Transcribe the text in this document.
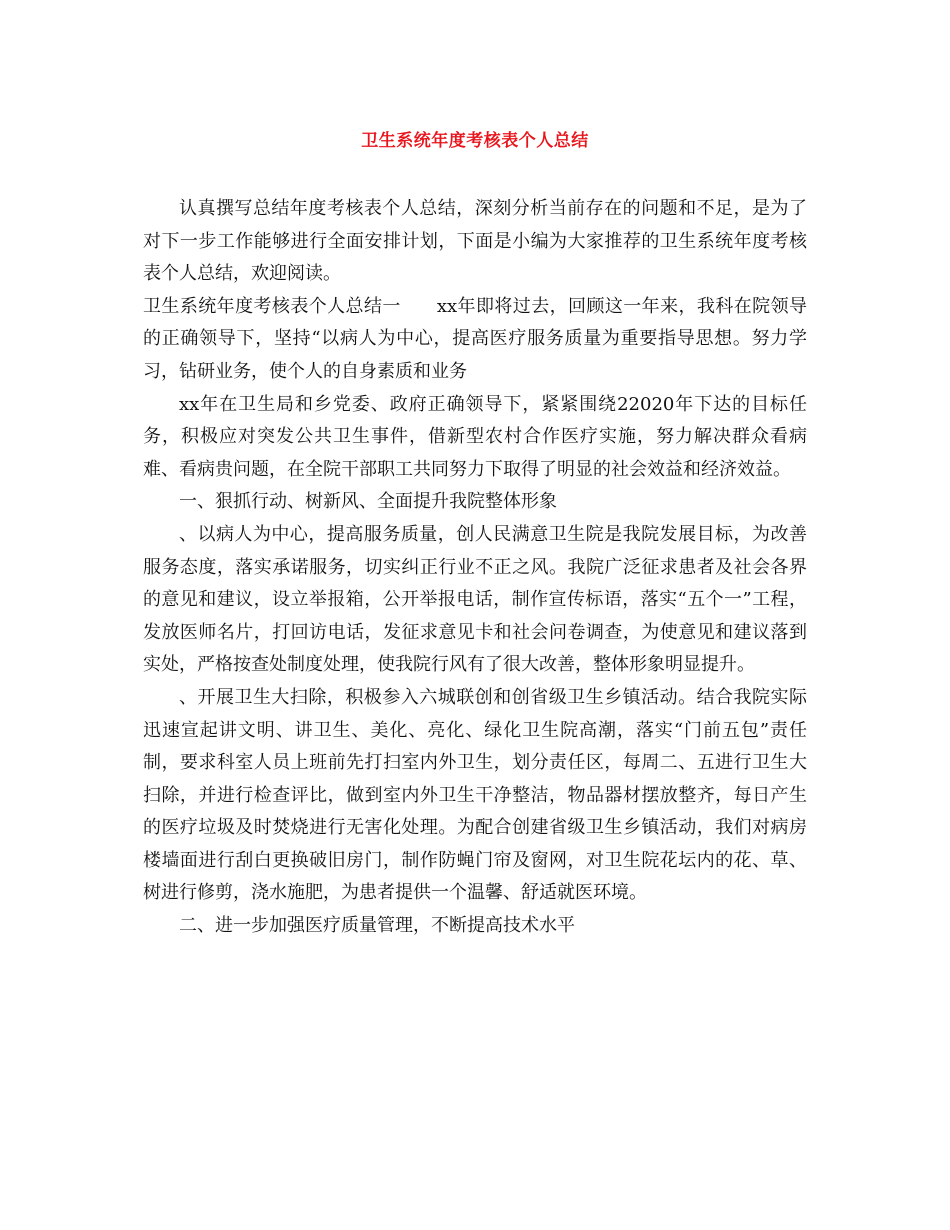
卫生系统年度考核表个人总结

认真撰写总结年度考核表个人总结，深刻分析当前存在的问题和不足，是为了对下一步工作能够进行全面安排计划，下面是小编为大家推荐的卫生系统年度考核表个人总结，欢迎阅读。

卫生系统年度考核表个人总结一 xx年即将过去，回顾这一年来，我科在院领导的正确领导下，坚持“以病人为中心，提高医疗服务质量为重要指导思想。努力学习，钻研业务，使个人的自身素质和业务

xx年在卫生局和乡党委、政府正确领导下，紧紧围绕22020年下达的目标任务，积极应对突发公共卫生事件，借新型农村合作医疗实施，努力解决群众看病难、看病贵问题，在全院干部职工共同努力下取得了明显的社会效益和经济效益。

一、狠抓行动、树新风、全面提升我院整体形象

、以病人为中心，提高服务质量，创人民满意卫生院是我院发展目标，为改善服务态度，落实承诺服务，切实纠正行业不正之风。我院广泛征求患者及社会各界的意见和建议，设立举报箱，公开举报电话，制作宣传标语，落实“五个一”工程，发放医师名片，打回访电话，发征求意见卡和社会问卷调查，为使意见和建议落到实处，严格按查处制度处理，使我院行风有了很大改善，整体形象明显提升。

、开展卫生大扫除，积极参入六城联创和创省级卫生乡镇活动。结合我院实际迅速宣起讲文明、讲卫生、美化、亮化、绿化卫生院高潮，落实“门前五包”责任制，要求科室人员上班前先打扫室内外卫生，划分责任区，每周二、五进行卫生大扫除，并进行检查评比，做到室内外卫生干净整洁，物品器材摆放整齐，每日产生的医疗垃圾及时焚烧进行无害化处理。为配合创建省级卫生乡镇活动，我们对病房楼墙面进行刮白更换破旧房门，制作防蝇门帘及窗网，对卫生院花坛内的花、草、树进行修剪，浇水施肥，为患者提供一个温馨、舒适就医环境。

二、进一步加强医疗质量管理，不断提高技术水平
